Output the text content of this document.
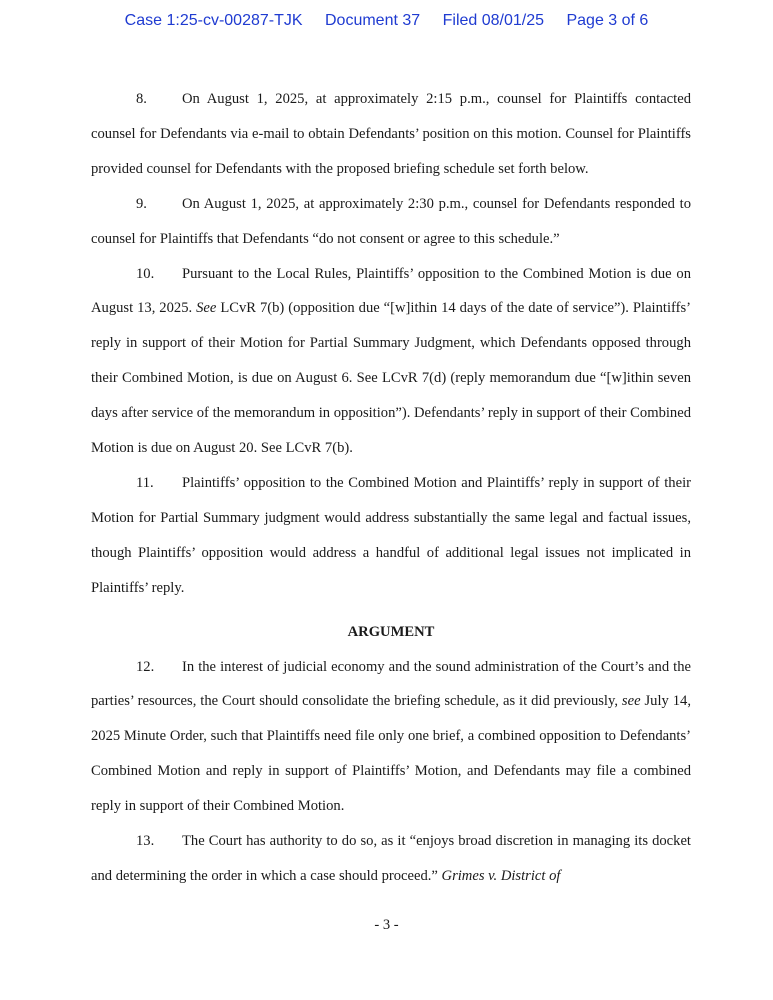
Case 1:25-cv-00287-TJK Document 37 Filed 08/01/25 Page 3 of 6

8. On August 1, 2025, at approximately 2:15 p.m., counsel for Plaintiffs contacted counsel for Defendants via e-mail to obtain Defendants’ position on this motion. Counsel for Plaintiffs provided counsel for Defendants with the proposed briefing schedule set forth below.

9. On August 1, 2025, at approximately 2:30 p.m., counsel for Defendants responded to counsel for Plaintiffs that Defendants “do not consent or agree to this schedule.”

10. Pursuant to the Local Rules, Plaintiffs’ opposition to the Combined Motion is due on August 13, 2025. See LCvR 7(b) (opposition due “[w]ithin 14 days of the date of service”). Plaintiffs’ reply in support of their Motion for Partial Summary Judgment, which Defendants opposed through their Combined Motion, is due on August 6. See LCvR 7(d) (reply memorandum due “[w]ithin seven days after service of the memorandum in opposition”). Defendants’ reply in support of their Combined Motion is due on August 20. See LCvR 7(b).

11. Plaintiffs’ opposition to the Combined Motion and Plaintiffs’ reply in support of their Motion for Partial Summary judgment would address substantially the same legal and factual issues, though Plaintiffs’ opposition would address a handful of additional legal issues not implicated in Plaintiffs’ reply.

ARGUMENT

12. In the interest of judicial economy and the sound administration of the Court’s and the parties’ resources, the Court should consolidate the briefing schedule, as it did previously, see July 14, 2025 Minute Order, such that Plaintiffs need file only one brief, a combined opposition to Defendants’ Combined Motion and reply in support of Plaintiffs’ Motion, and Defendants may file a combined reply in support of their Combined Motion.

13. The Court has authority to do so, as it “enjoys broad discretion in managing its docket and determining the order in which a case should proceed.” Grimes v. District of

- 3 -
